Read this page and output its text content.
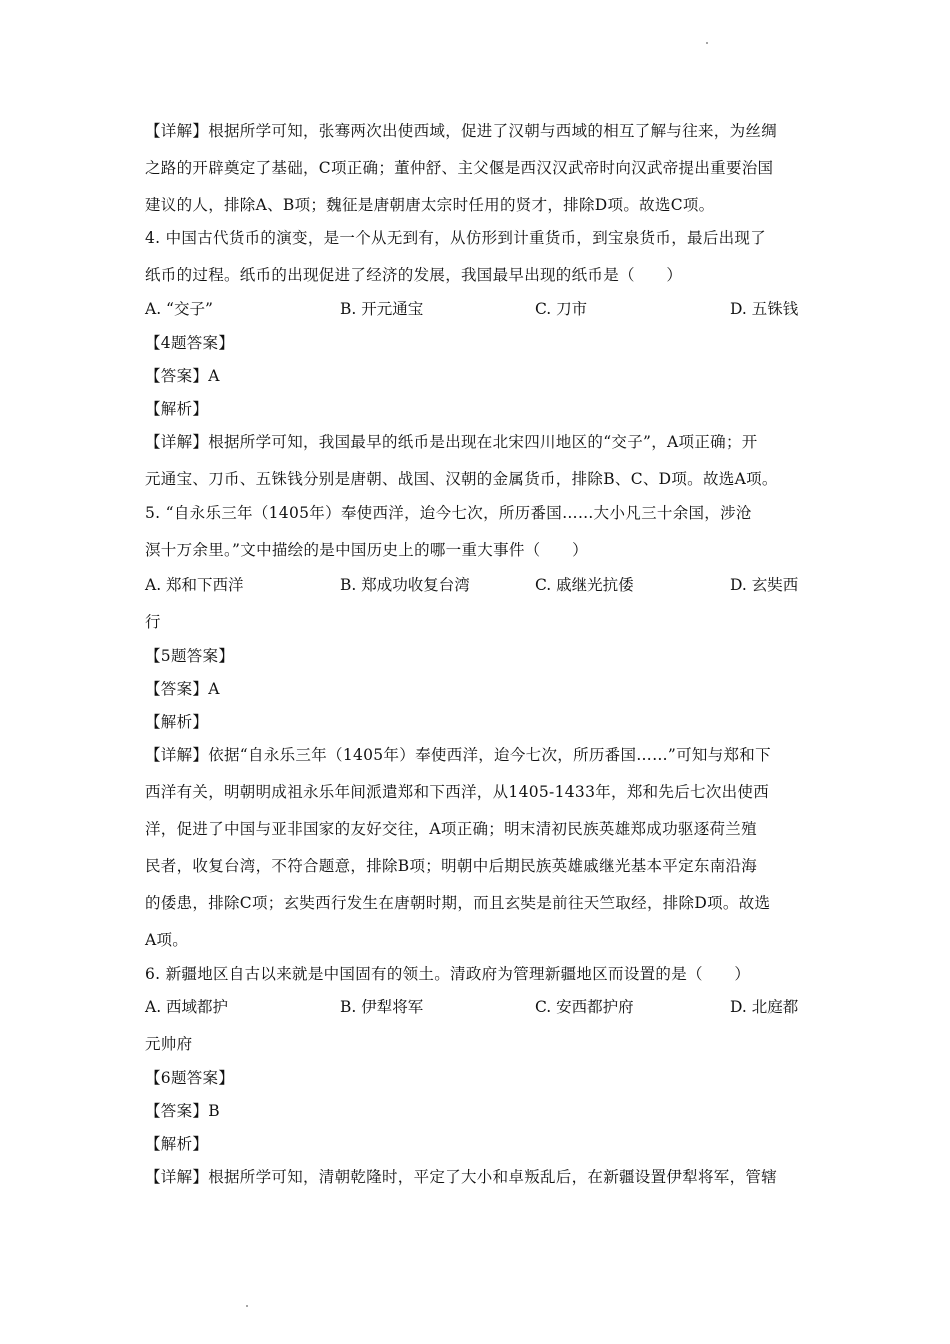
【详解】根据所学可知，张骞两次出使西域，促进了汉朝与西域的相互了解与往来，为丝绸
之路的开辟奠定了基础，C项正确；董仲舒、主父偃是西汉汉武帝时向汉武帝提出重要治国
建议的人，排除A、B项；魏征是唐朝唐太宗时任用的贤才，排除D项。故选C项。
4. 中国古代货币的演变，是一个从无到有，从仿形到计重货币，到宝泉货币，最后出现了
纸币的过程。纸币的出现促进了经济的发展，我国最早出现的纸币是（　　）
A. “交子”	B. 开元通宝	C. 刀市	D. 五铢钱
【4题答案】
【答案】A
【解析】
【详解】根据所学可知，我国最早的纸币是出现在北宋四川地区的“交子”，A项正确；开
元通宝、刀币、五铢钱分别是唐朝、战国、汉朝的金属货币，排除B、C、D项。故选A项。
5. “自永乐三年（1405年）奉使西洋，迨今七次，所历番国……大小凡三十余国，涉沧
溟十万余里。”文中描绘的是中国历史上的哪一重大事件（　　）
A. 郑和下西洋	B. 郑成功收复台湾	C. 戚继光抗倭	D. 玄奘西
行
【5题答案】
【答案】A
【解析】
【详解】依据“自永乐三年（1405年）奉使西洋，迨今七次，所历番国……”可知与郑和下
西洋有关，明朝明成祖永乐年间派遣郑和下西洋，从1405-1433年，郑和先后七次出使西
洋，促进了中国与亚非国家的友好交往，A项正确；明末清初民族英雄郑成功驱逐荷兰殖
民者，收复台湾，不符合题意，排除B项；明朝中后期民族英雄戚继光基本平定东南沿海
的倭患，排除C项；玄奘西行发生在唐朝时期，而且玄奘是前往天竺取经，排除D项。故选
A项。
6. 新疆地区自古以来就是中国固有的领土。清政府为管理新疆地区而设置的是（　　）
A. 西域都护	B. 伊犁将军	C. 安西都护府	D. 北庭都
元帅府
【6题答案】
【答案】B
【解析】
【详解】根据所学可知，清朝乾隆时，平定了大小和卓叛乱后，在新疆设置伊犁将军，管辖
